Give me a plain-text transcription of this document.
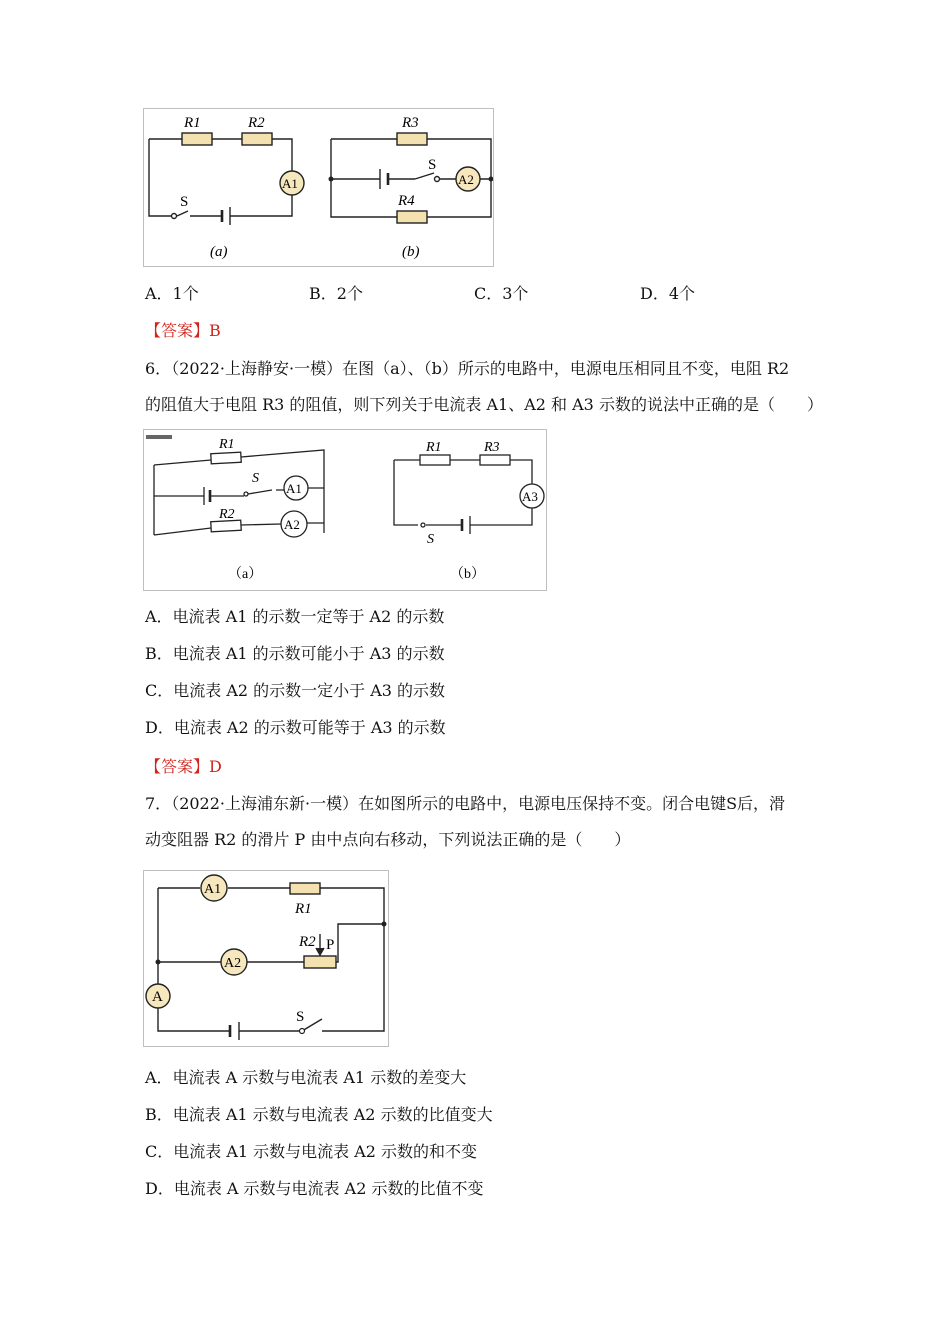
R1	R2
A1
S
(a)
R3
S
A2
R4
(b)
A．1个	B．2个	C．3个	D．4个
【答案】B
6．（2022·上海静安·一模）在图（a）、（b）所示的电路中，电源电压相同且不变，电阻 R2
的阻值大于电阻 R3 的阻值，则下列关于电流表 A1、A2 和 A3 示数的说法中正确的是（　　）
R1
S
A1
R2
A2
（a）
R1	R3
A3
S
（b）
A．电流表 A1 的示数一定等于 A2 的示数
B．电流表 A1 的示数可能小于 A3 的示数
C．电流表 A2 的示数一定小于 A3 的示数
D．电流表 A2 的示数可能等于 A3 的示数
【答案】D
7．（2022·上海浦东新·一模）在如图所示的电路中，电源电压保持不变。闭合电键S后，滑
动变阻器 R2 的滑片 P 由中点向右移动，下列说法正确的是（　　）
A1
R1
R2 P
A2
A
S
A．电流表 A 示数与电流表 A1 示数的差变大
B．电流表 A1 示数与电流表 A2 示数的比值变大
C．电流表 A1 示数与电流表 A2 示数的和不变
D．电流表 A 示数与电流表 A2 示数的比值不变
